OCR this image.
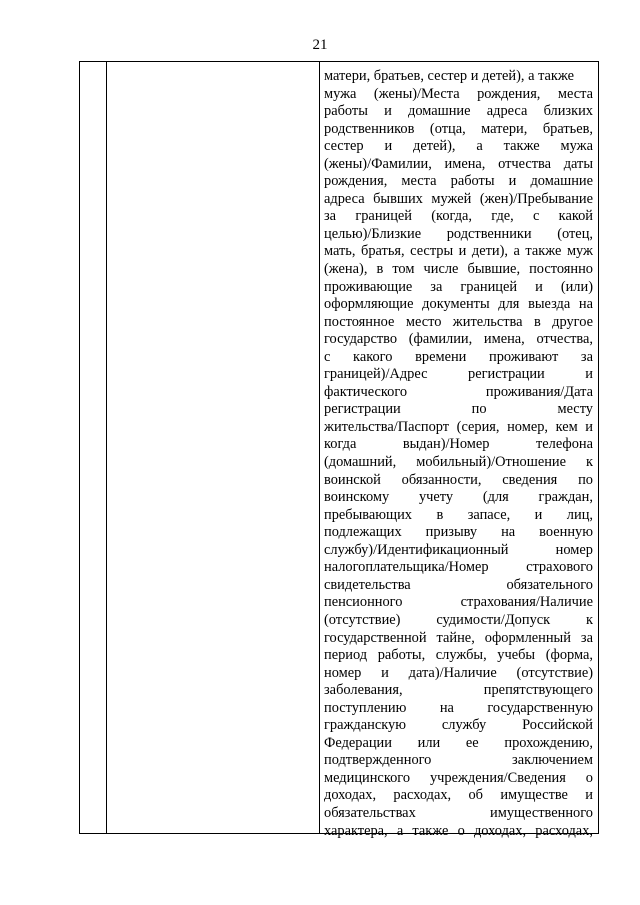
21
матери, братьев, сестер и детей), а также
мужа (жены)/Места рождения, места
работы и домашние адреса близких
родственников (отца, матери, братьев,
сестер и детей), а также мужа
(жены)/Фамилии, имена, отчества даты
рождения, места работы и домашние
адреса бывших мужей (жен)/Пребывание
за границей (когда, где, с какой
целью)/Близкие родственники (отец,
мать, братья, сестры и дети), а также муж
(жена), в том числе бывшие, постоянно
проживающие за границей и (или)
оформляющие документы для выезда на
постоянное место жительства в другое
государство (фамилии, имена, отчества,
с какого времени проживают за
границей)/Адрес регистрации и
фактического проживания/Дата
регистрации по месту
жительства/Паспорт (серия, номер, кем и
когда выдан)/Номер телефона
(домашний, мобильный)/Отношение к
воинской обязанности, сведения по
воинскому учету (для граждан,
пребывающих в запасе, и лиц,
подлежащих призыву на военную
службу)/Идентификационный номер
налогоплательщика/Номер страхового
свидетельства обязательного
пенсионного страхования/Наличие
(отсутствие) судимости/Допуск к
государственной тайне, оформленный за
период работы, службы, учебы (форма,
номер и дата)/Наличие (отсутствие)
заболевания, препятствующего
поступлению на государственную
гражданскую службу Российской
Федерации или ее прохождению,
подтвержденного заключением
медицинского учреждения/Сведения о
доходах, расходах, об имуществе и
обязательствах имущественного
характера, а также о доходах, расходах,
